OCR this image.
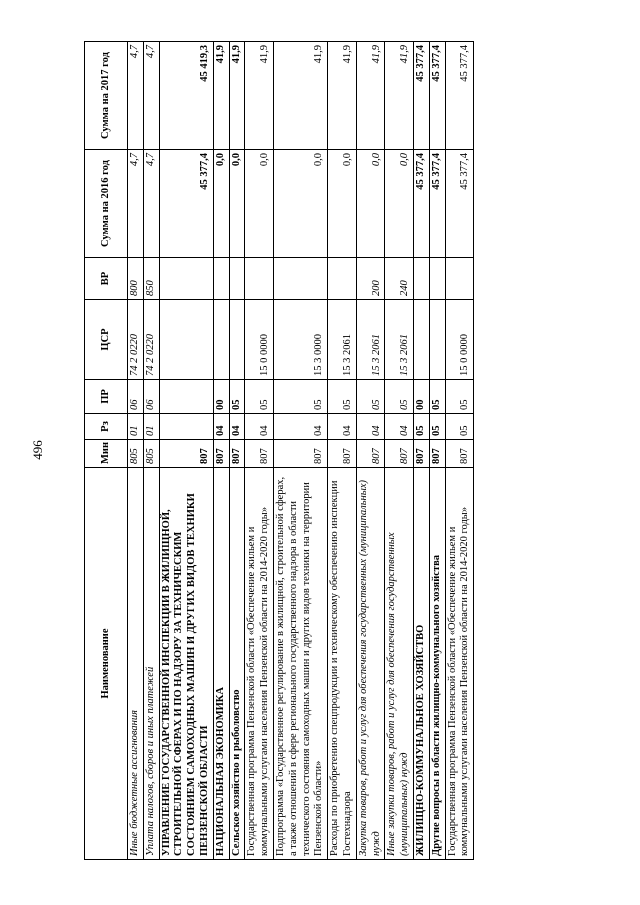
496
Наименование	Мин	Рз	ПР	ЦСР	ВР	Сумма на 2016 год	Сумма на 2017 год
Иные бюджетные ассигнования	805	01	06	74 2 0220	800	4,7	4,7
Уплата налогов, сборов и иных платежей	805	01	06	74 2 0220	850	4,7	4,7
УПРАВЛЕНИЕ ГОСУДАРСТВЕННОЙ ИНСПЕКЦИИ В ЖИЛИЩНОЙ, СТРОИТЕЛЬНОЙ СФЕРАХ И ПО НАДЗОРУ ЗА ТЕХНИЧЕСКИМ СОСТОЯНИЕМ САМОХОДНЫХ МАШИН И ДРУГИХ ВИДОВ ТЕХНИКИ ПЕНЗЕНСКОЙ ОБЛАСТИ	807					45 377,4	45 419,3
НАЦИОНАЛЬНАЯ ЭКОНОМИКА	807	04	00			0,0	41,9
Сельское хозяйство и рыболовство	807	04	05			0,0	41,9
Государственная программа Пензенской области «Обеспечение жильем и коммунальными услугами населения Пензенской области на 2014-2020 годы»	807	04	05	15 0 0000		0,0	41,9
Подпрограмма «Государственное регулирование в жилищной, строительной сферах, а также отношений в сфере регионального государственного надзора в области технического состояния самоходных машин и других видов техники на территории Пензенской области»	807	04	05	15 3 0000		0,0	41,9
Расходы по приобретению спецпродукции и техническому обеспечению инспекции Гостехнадзора	807	04	05	15 3 2061		0,0	41,9
Закупка товаров, работ и услуг для обеспечения государственных (муниципальных) нужд	807	04	05	15 3 2061	200	0,0	41,9
Иные закупки товаров, работ и услуг для обеспечения государственных (муниципальных) нужд	807	04	05	15 3 2061	240	0,0	41,9
ЖИЛИЩНО-КОММУНАЛЬНОЕ ХОЗЯЙСТВО	807	05	00			45 377,4	45 377,4
Другие вопросы в области жилищно-коммунального хозяйства	807	05	05			45 377,4	45 377,4
Государственная программа Пензенской области «Обеспечение жильем и коммунальными услугами населения Пензенской области на 2014-2020 годы»	807	05	05	15 0 0000		45 377,4	45 377,4
